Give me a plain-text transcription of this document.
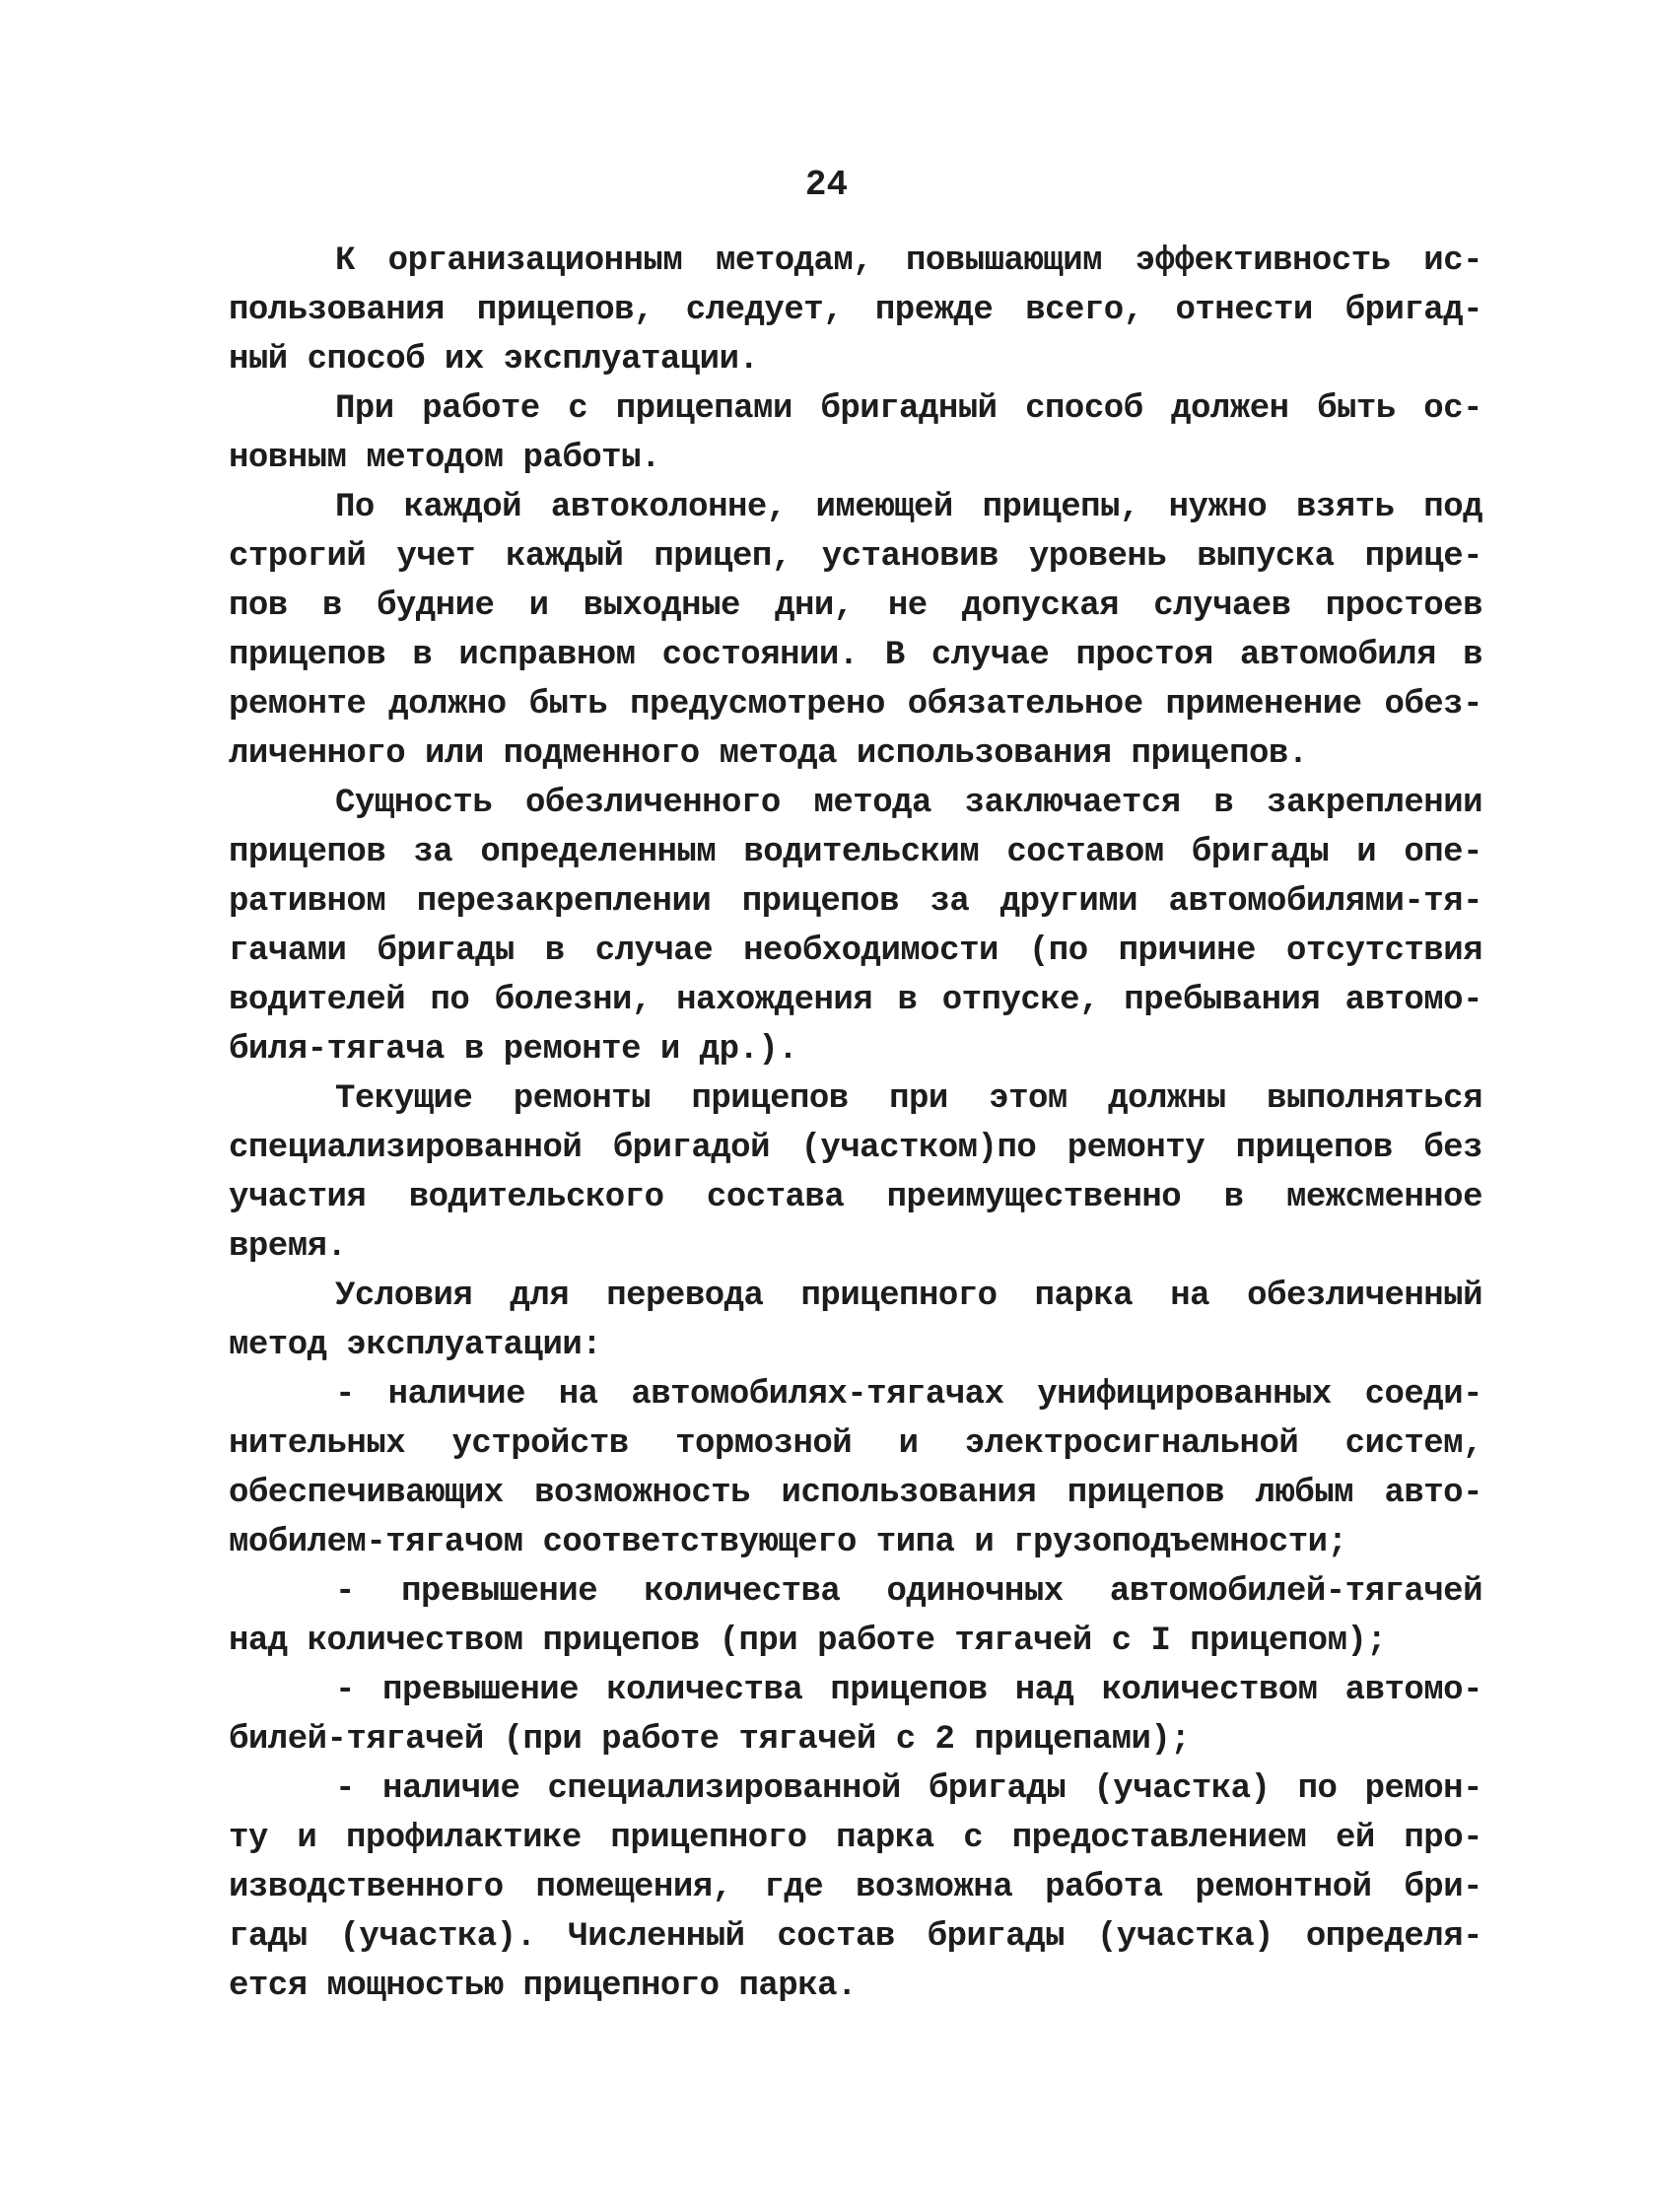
24
К организационным методам, повышающим эффективность ис-
пользования прицепов, следует, прежде всего, отнести бригад-
ный способ их эксплуатации.
При работе с прицепами бригадный способ должен быть ос-
новным методом работы.
По каждой автоколонне, имеющей прицепы, нужно взять под
строгий учет каждый прицеп, установив уровень выпуска прице-
пов в будние и выходные дни, не допуская случаев простоев
прицепов в исправном состоянии. В случае простоя автомобиля в
ремонте должно быть предусмотрено обязательное применение обез-
личенного или подменного метода использования прицепов.
Сущность обезличенного метода заключается в закреплении
прицепов за определенным водительским составом бригады и опе-
ративном перезакреплении прицепов за другими автомобилями-тя-
гачами бригады в случае необходимости (по причине отсутствия
водителей по болезни, нахождения в отпуске, пребывания автомо-
биля-тягача в ремонте и др.).
Текущие ремонты прицепов при этом должны выполняться
специализированной бригадой (участком)по ремонту прицепов без
участия водительского состава преимущественно в межсменное
время.
Условия для перевода прицепного парка на обезличенный
метод эксплуатации:
- наличие на автомобилях-тягачах унифицированных соеди-
нительных устройств тормозной и электросигнальной систем,
обеспечивающих возможность использования прицепов любым авто-
мобилем-тягачом соответствующего типа и грузоподъемности;
- превышение количества одиночных автомобилей-тягачей
над количеством прицепов (при работе тягачей с I прицепом);
- превышение количества прицепов над количеством автомо-
билей-тягачей (при работе тягачей с 2 прицепами);
- наличие специализированной бригады (участка) по ремон-
ту и профилактике прицепного парка с предоставлением ей про-
изводственного помещения, где возможна работа ремонтной бри-
гады (участка). Численный состав бригады (участка) определя-
ется мощностью прицепного парка.
